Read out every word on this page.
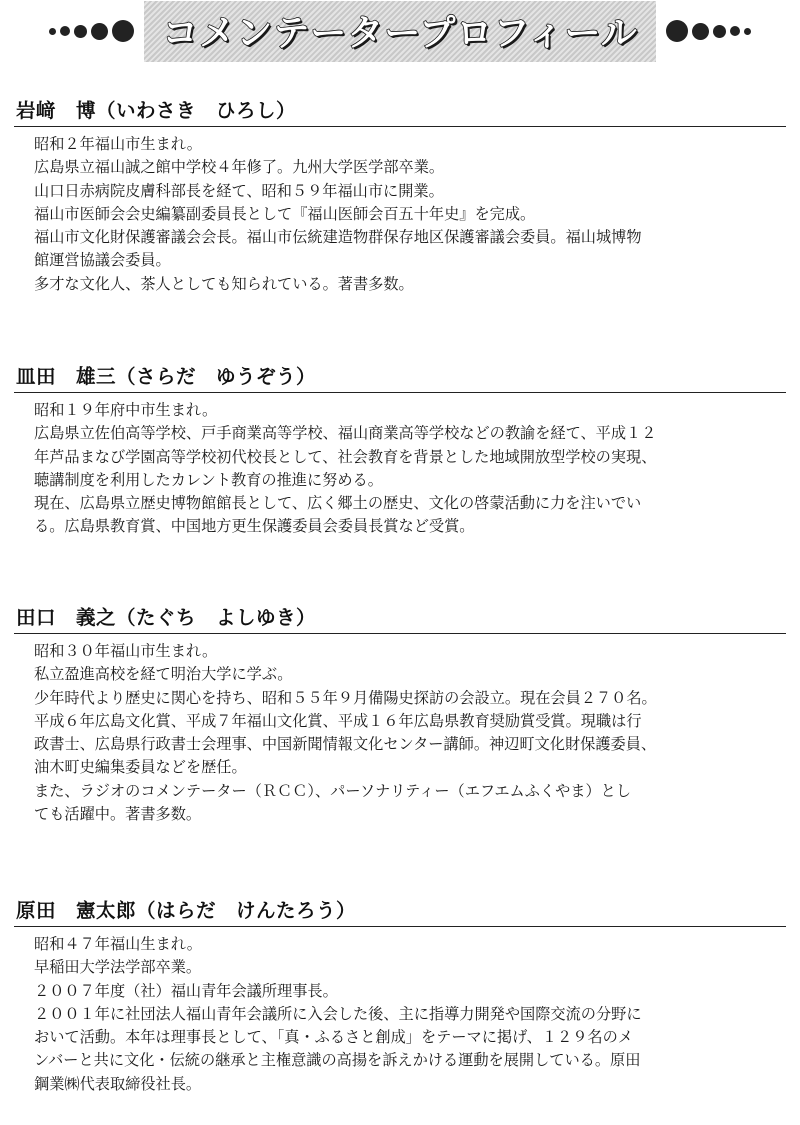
コメンテータープロフィール
岩﨑　博（いわさき　ひろし）

昭和２年福山市生まれ。

広島県立福山誠之館中学校４年修了。九州大学医学部卒業。

山口日赤病院皮膚科部長を経て、昭和５９年福山市に開業。

福山市医師会会史編纂副委員長として『福山医師会百五十年史』を完成。

福山市文化財保護審議会会長。福山市伝統建造物群保存地区保護審議会委員。福山城博物

館運営協議会委員。

多才な文化人、茶人としても知られている。著書多数。

皿田　雄三（さらだ　ゆうぞう）

昭和１９年府中市生まれ。

広島県立佐伯高等学校、戸手商業高等学校、福山商業高等学校などの教諭を経て、平成１２

年芦品まなび学園高等学校初代校長として、社会教育を背景とした地域開放型学校の実現、

聴講制度を利用したカレント教育の推進に努める。

現在、広島県立歴史博物館館長として、広く郷土の歴史、文化の啓蒙活動に力を注いでい

る。広島県教育賞、中国地方更生保護委員会委員長賞など受賞。

田口　義之（たぐち　よしゆき）

昭和３０年福山市生まれ。

私立盈進高校を経て明治大学に学ぶ。

少年時代より歴史に関心を持ち、昭和５５年９月備陽史探訪の会設立。現在会員２７０名。

平成６年広島文化賞、平成７年福山文化賞、平成１６年広島県教育奨励賞受賞。現職は行

政書士、広島県行政書士会理事、中国新聞情報文化センター講師。神辺町文化財保護委員、

油木町史編集委員などを歴任。

また、ラジオのコメンテーター（ＲＣＣ）、パーソナリティー（エフエムふくやま）とし

ても活躍中。著書多数。

原田　憲太郎（はらだ　けんたろう）

昭和４７年福山生まれ。

早稲田大学法学部卒業。

２００７年度（社）福山青年会議所理事長。

２００１年に社団法人福山青年会議所に入会した後、主に指導力開発や国際交流の分野に

おいて活動。本年は理事長として、「真・ふるさと創成」をテーマに掲げ、１２９名のメ

ンバーと共に文化・伝統の継承と主権意識の高揚を訴えかける運動を展開している。原田

鋼業㈱代表取締役社長。
